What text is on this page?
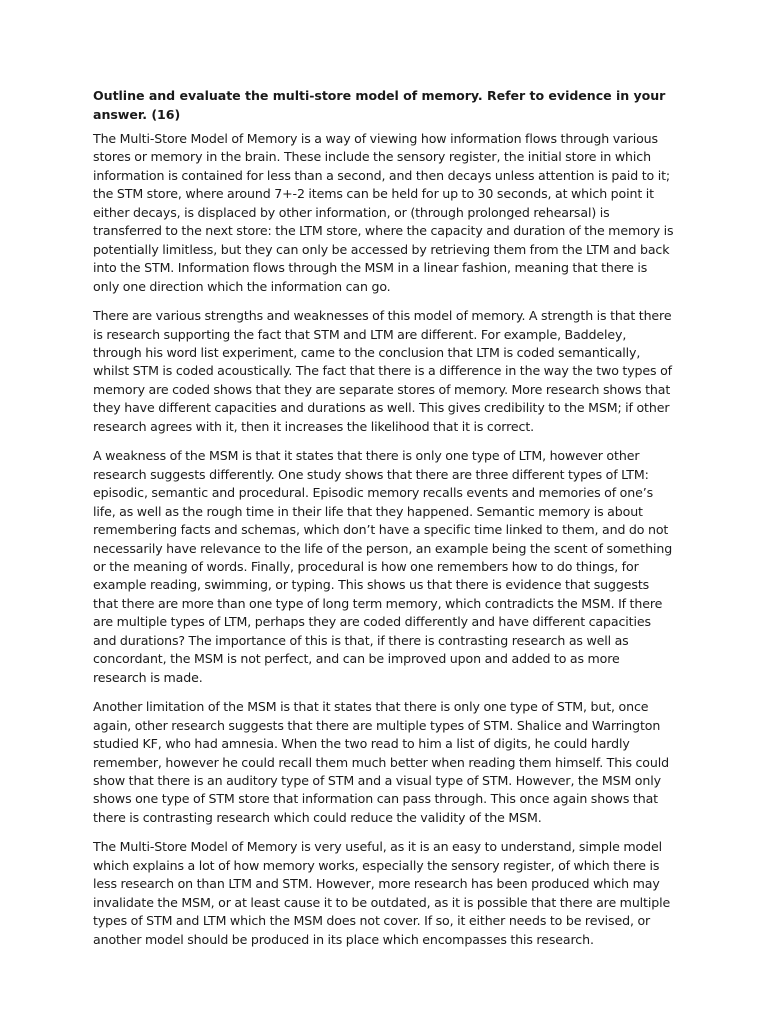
Outline and evaluate the multi-store model of memory. Refer to evidence in your answer. (16)

The Multi-Store Model of Memory is a way of viewing how information flows through various stores or memory in the brain. These include the sensory register, the initial store in which information is contained for less than a second, and then decays unless attention is paid to it; the STM store, where around 7+-2 items can be held for up to 30 seconds, at which point it either decays, is displaced by other information, or (through prolonged rehearsal) is transferred to the next store: the LTM store, where the capacity and duration of the memory is potentially limitless, but they can only be accessed by retrieving them from the LTM and back into the STM. Information flows through the MSM in a linear fashion, meaning that there is only one direction which the information can go.

There are various strengths and weaknesses of this model of memory. A strength is that there is research supporting the fact that STM and LTM are different. For example, Baddeley, through his word list experiment, came to the conclusion that LTM is coded semantically, whilst STM is coded acoustically. The fact that there is a difference in the way the two types of memory are coded shows that they are separate stores of memory. More research shows that they have different capacities and durations as well. This gives credibility to the MSM; if other research agrees with it, then it increases the likelihood that it is correct.

A weakness of the MSM is that it states that there is only one type of LTM, however other research suggests differently. One study shows that there are three different types of LTM: episodic, semantic and procedural. Episodic memory recalls events and memories of one’s life, as well as the rough time in their life that they happened. Semantic memory is about remembering facts and schemas, which don’t have a specific time linked to them, and do not necessarily have relevance to the life of the person, an example being the scent of something or the meaning of words. Finally, procedural is how one remembers how to do things, for example reading, swimming, or typing. This shows us that there is evidence that suggests that there are more than one type of long term memory, which contradicts the MSM. If there are multiple types of LTM, perhaps they are coded differently and have different capacities and durations? The importance of this is that, if there is contrasting research as well as concordant, the MSM is not perfect, and can be improved upon and added to as more research is made.

Another limitation of the MSM is that it states that there is only one type of STM, but, once again, other research suggests that there are multiple types of STM. Shalice and Warrington studied KF, who had amnesia. When the two read to him a list of digits, he could hardly remember, however he could recall them much better when reading them himself. This could show that there is an auditory type of STM and a visual type of STM. However, the MSM only shows one type of STM store that information can pass through. This once again shows that there is contrasting research which could reduce the validity of the MSM.

The Multi-Store Model of Memory is very useful, as it is an easy to understand, simple model which explains a lot of how memory works, especially the sensory register, of which there is less research on than LTM and STM. However, more research has been produced which may invalidate the MSM, or at least cause it to be outdated, as it is possible that there are multiple types of STM and LTM which the MSM does not cover. If so, it either needs to be revised, or another model should be produced in its place which encompasses this research.
